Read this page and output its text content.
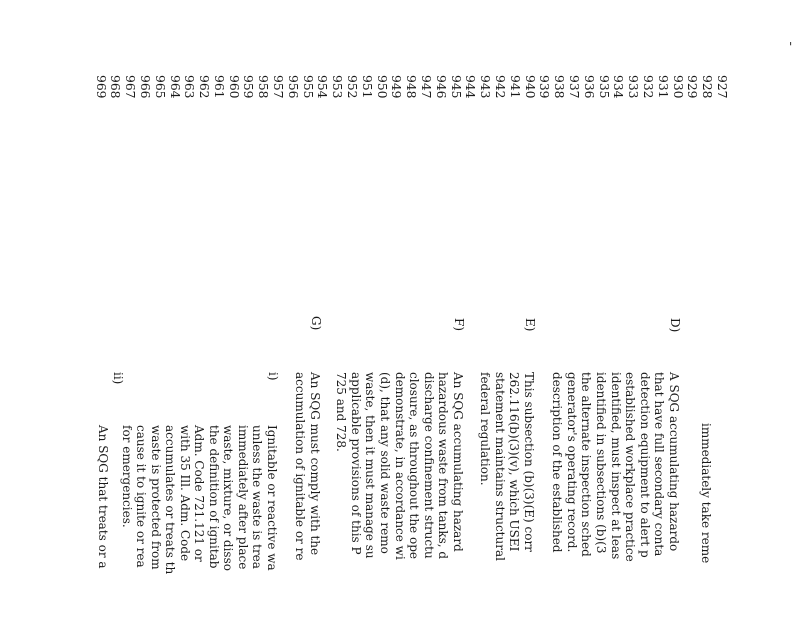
927
928
929
930
931
932
933
934
935
936
937
938
939
940
941
942
943
944
945
946
947
948
949
950
951
952
953
954
955
956
957
958
959
960
961
962
963
964
965
966
967
968
969
immediately take reme
D)
E)
F)
G)
A SQG accumulating hazardo
that have full secondary conta
detection equipment to alert p
established workplace practice
identified, must inspect at leas
identified in subsections (b)(3
the alternate inspection sched
generator's operating record.
description of the established
This subsection (b)(3)(E) corr
262.116(b)(3)(v), which USEI
statement maintains structural
federal regulation.
An SQG accumulating hazard
hazardous waste from tanks, d
discharge confinement structu
closure, as throughout the ope
demonstrate, in accordance wi
(d), that any solid waste remo
waste, then it must manage su
applicable provisions of this P
725 and 728.
An SQG must comply with the
accumulation of ignitable or re
i)
Ignitable or reactive wa
unless the waste is trea
immediately after place
waste, mixture, or disso
the definition of ignitab
Adm. Code 721.121 or
with 35 Ill. Adm. Code
accumulates or treats th
waste is protected from
cause it to ignite or rea
for emergencies.
ii)
An SQG that treats or a
'
